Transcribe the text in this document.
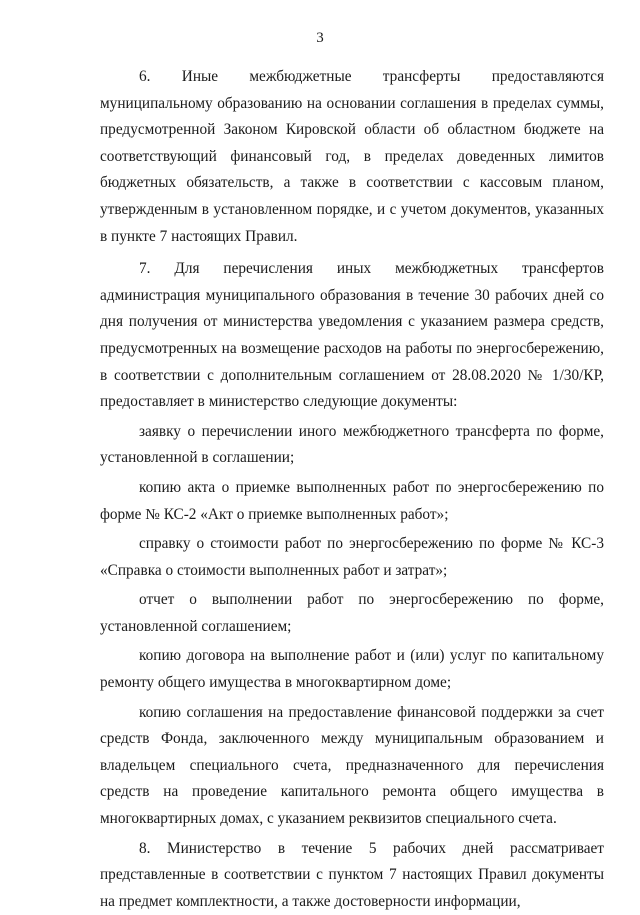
3

6. Иные межбюджетные трансферты предоставляются муниципальному образованию на основании соглашения в пределах суммы, предусмотренной Законом Кировской области об областном бюджете на соответствующий финансовый год, в пределах доведенных лимитов бюджетных обязательств, а также в соответствии с кассовым планом, утвержденным в установленном порядке, и с учетом документов, указанных в пункте 7 настоящих Правил.

7. Для перечисления иных межбюджетных трансфертов администрация муниципального образования в течение 30 рабочих дней со дня получения от министерства уведомления с указанием размера средств, предусмотренных на возмещение расходов на работы по энергосбережению, в соответствии с дополнительным соглашением от 28.08.2020 № 1/30/КР, предоставляет в министерство следующие документы:

заявку о перечислении иного межбюджетного трансферта по форме, установленной в соглашении;

копию акта о приемке выполненных работ по энергосбережению по форме № КС-2 «Акт о приемке выполненных работ»;

справку о стоимости работ по энергосбережению по форме № КС-3 «Справка о стоимости выполненных работ и затрат»;

отчет о выполнении работ по энергосбережению по форме, установленной соглашением;

копию договора на выполнение работ и (или) услуг по капитальному ремонту общего имущества в многоквартирном доме;

копию соглашения на предоставление финансовой поддержки за счет средств Фонда, заключенного между муниципальным образованием и владельцем специального счета, предназначенного для перечисления средств на проведение капитального ремонта общего имущества в многоквартирных домах, с указанием реквизитов специального счета.

8. Министерство в течение 5 рабочих дней рассматривает представленные в соответствии с пунктом 7 настоящих Правил документы на предмет комплектности, а также достоверности информации,
